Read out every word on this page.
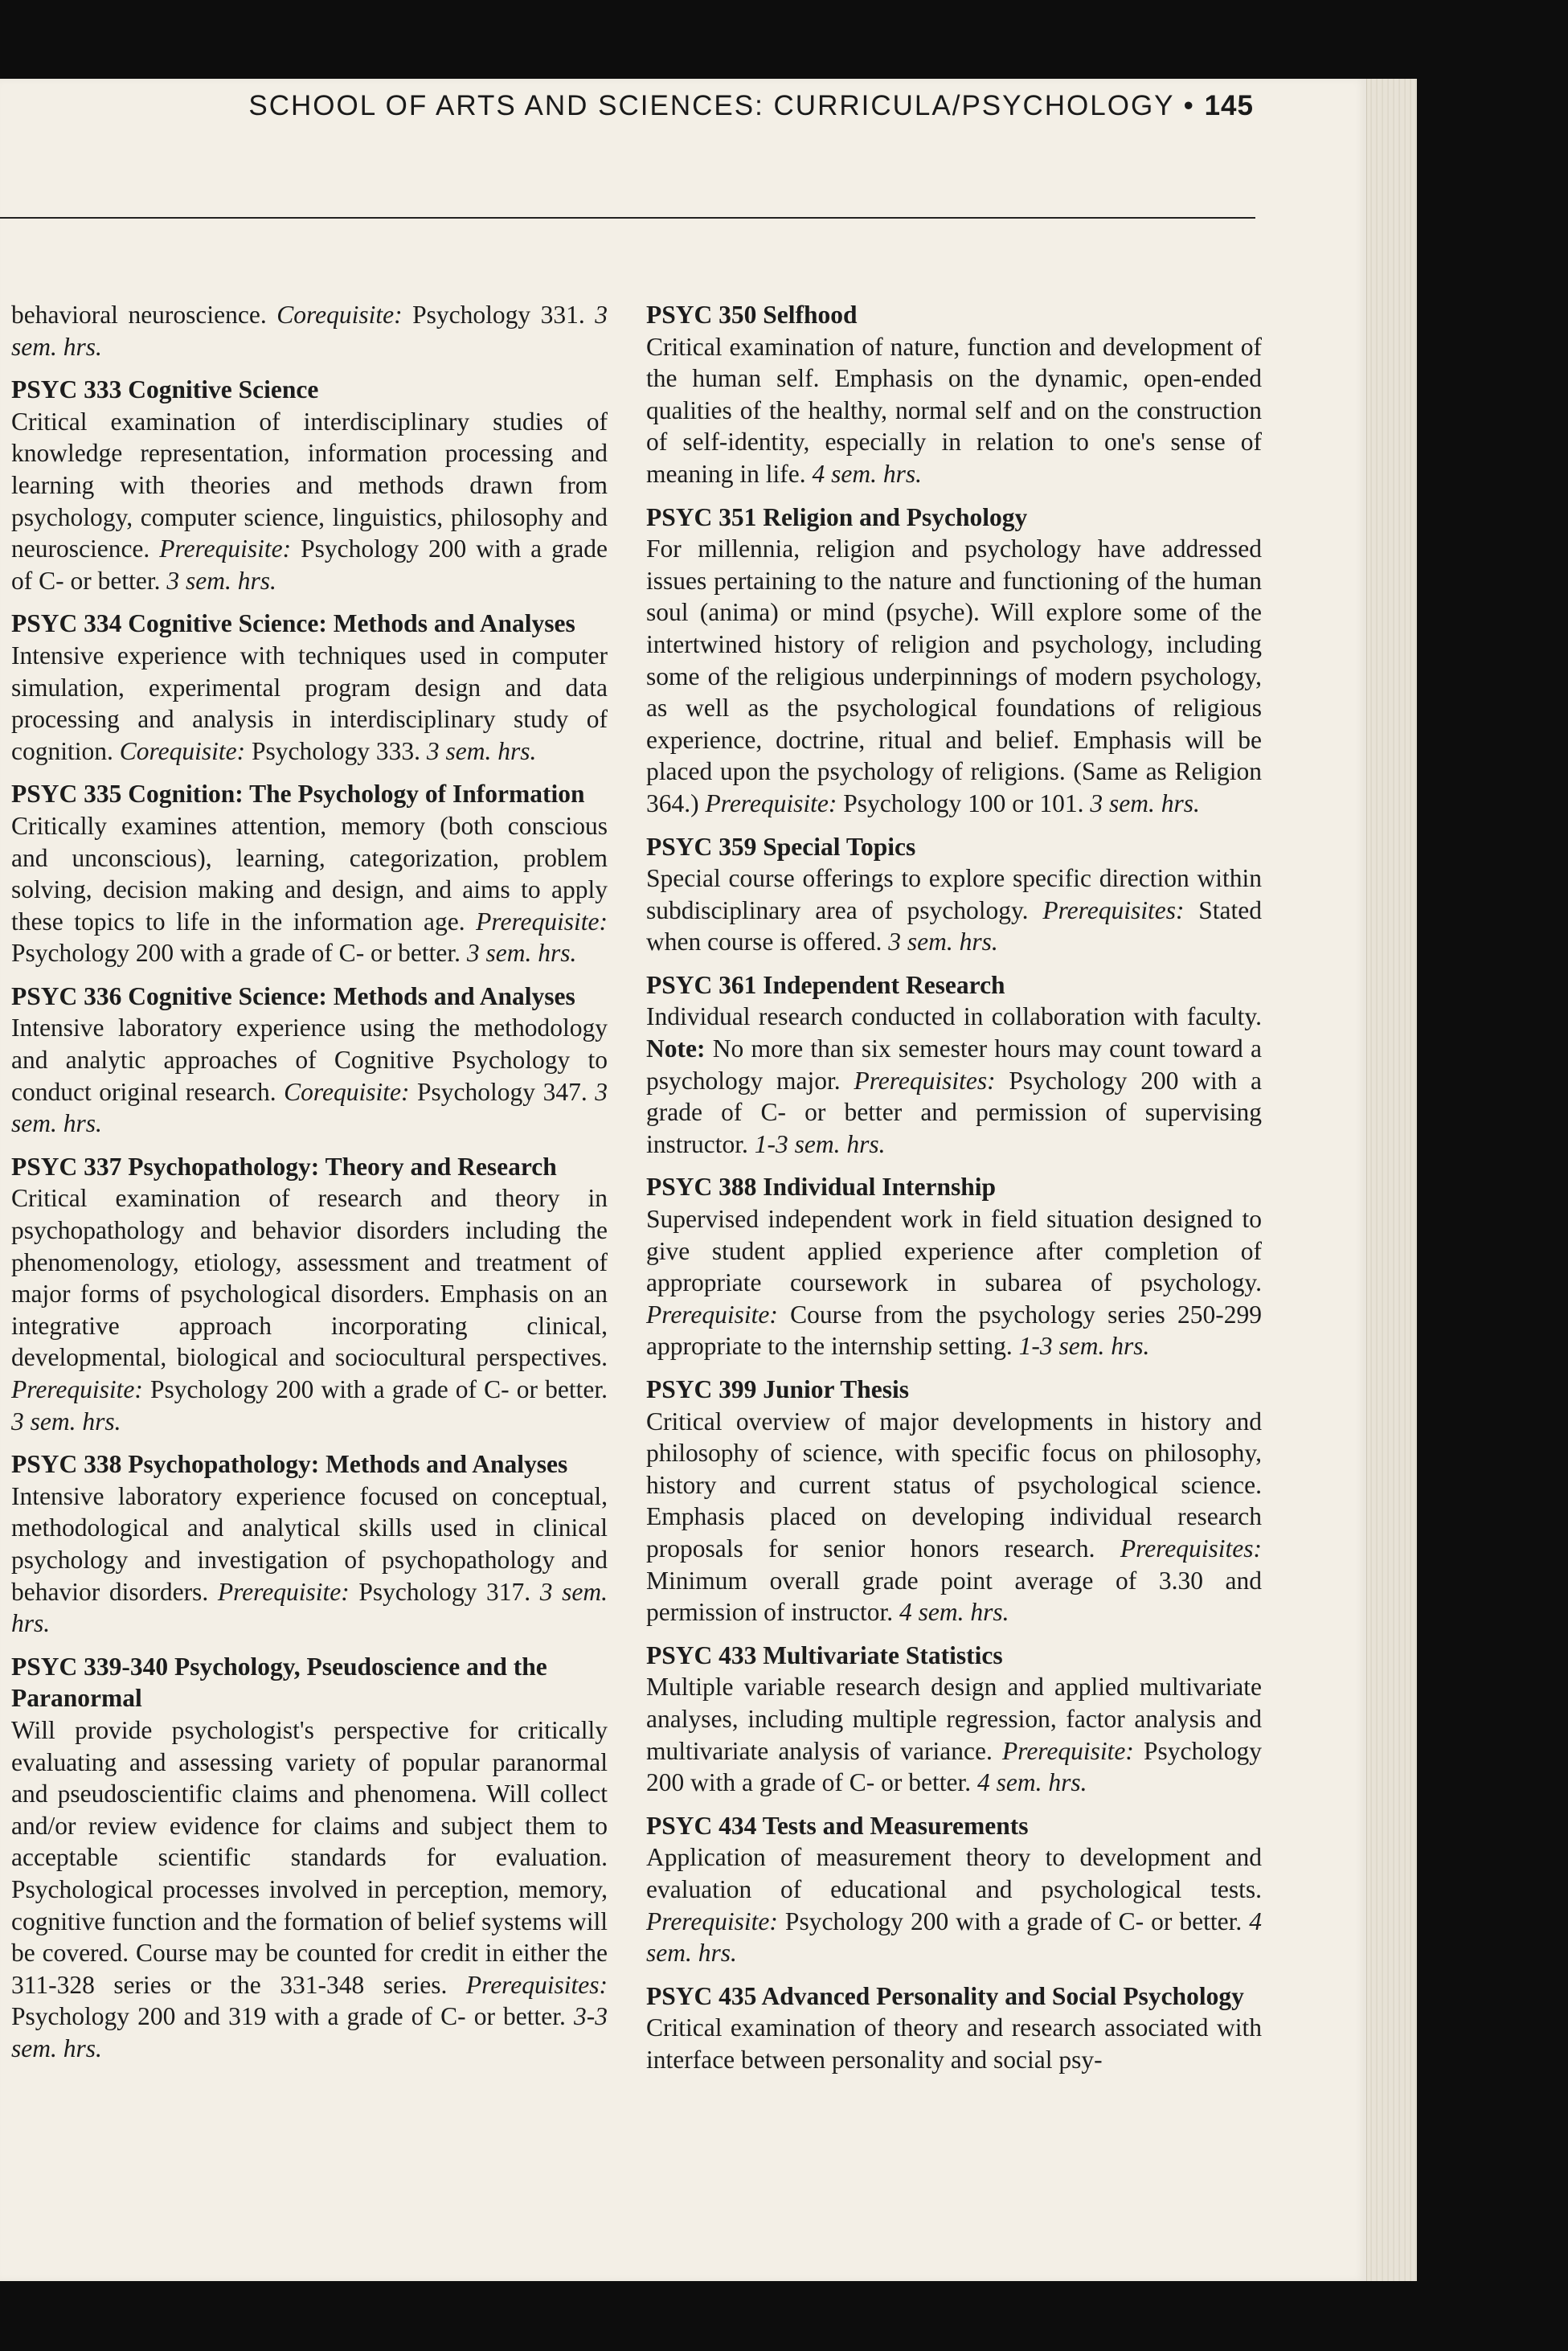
SCHOOL OF ARTS AND SCIENCES: CURRICULA/PSYCHOLOGY • 145
behavioral neuroscience. Corequisite: Psychology 331. 3 sem. hrs.
PSYC 333 Cognitive Science
Critical examination of interdisciplinary studies of knowledge representation, information processing and learning with theories and methods drawn from psychology, computer science, linguistics, philosophy and neuroscience. Prerequisite: Psychology 200 with a grade of C- or better. 3 sem. hrs.
PSYC 334 Cognitive Science: Methods and Analyses
Intensive experience with techniques used in computer simulation, experimental program design and data processing and analysis in interdisciplinary study of cognition. Corequisite: Psychology 333. 3 sem. hrs.
PSYC 335 Cognition: The Psychology of Information
Critically examines attention, memory (both conscious and unconscious), learning, categorization, problem solving, decision making and design, and aims to apply these topics to life in the information age. Prerequisite: Psychology 200 with a grade of C- or better. 3 sem. hrs.
PSYC 336 Cognitive Science: Methods and Analyses
Intensive laboratory experience using the methodology and analytic approaches of Cognitive Psychology to conduct original research. Corequisite: Psychology 347. 3 sem. hrs.
PSYC 337 Psychopathology: Theory and Research
Critical examination of research and theory in psychopathology and behavior disorders including the phenomenology, etiology, assessment and treatment of major forms of psychological disorders. Emphasis on an integrative approach incorporating clinical, developmental, biological and sociocultural perspectives. Prerequisite: Psychology 200 with a grade of C- or better. 3 sem. hrs.
PSYC 338 Psychopathology: Methods and Analyses
Intensive laboratory experience focused on conceptual, methodological and analytical skills used in clinical psychology and investigation of psychopathology and behavior disorders. Prerequisite: Psychology 317. 3 sem. hrs.
PSYC 339-340 Psychology, Pseudoscience and the Paranormal
Will provide psychologist's perspective for critically evaluating and assessing variety of popular paranormal and pseudoscientific claims and phenomena. Will collect and/or review evidence for claims and subject them to acceptable scientific standards for evaluation. Psychological processes involved in perception, memory, cognitive function and the formation of belief systems will be covered. Course may be counted for credit in either the 311-328 series or the 331-348 series. Prerequisites: Psychology 200 and 319 with a grade of C- or better. 3-3 sem. hrs.
PSYC 350 Selfhood
Critical examination of nature, function and development of the human self. Emphasis on the dynamic, open-ended qualities of the healthy, normal self and on the construction of self-identity, especially in relation to one's sense of meaning in life. 4 sem. hrs.
PSYC 351 Religion and Psychology
For millennia, religion and psychology have addressed issues pertaining to the nature and functioning of the human soul (anima) or mind (psyche). Will explore some of the intertwined history of religion and psychology, including some of the religious underpinnings of modern psychology, as well as the psychological foundations of religious experience, doctrine, ritual and belief. Emphasis will be placed upon the psychology of religions. (Same as Religion 364.) Prerequisite: Psychology 100 or 101. 3 sem. hrs.
PSYC 359 Special Topics
Special course offerings to explore specific direction within subdisciplinary area of psychology. Prerequisites: Stated when course is offered. 3 sem. hrs.
PSYC 361 Independent Research
Individual research conducted in collaboration with faculty. Note: No more than six semester hours may count toward a psychology major. Prerequisites: Psychology 200 with a grade of C- or better and permission of supervising instructor. 1-3 sem. hrs.
PSYC 388 Individual Internship
Supervised independent work in field situation designed to give student applied experience after completion of appropriate coursework in subarea of psychology. Prerequisite: Course from the psychology series 250-299 appropriate to the internship setting. 1-3 sem. hrs.
PSYC 399 Junior Thesis
Critical overview of major developments in history and philosophy of science, with specific focus on philosophy, history and current status of psychological science. Emphasis placed on developing individual research proposals for senior honors research. Prerequisites: Minimum overall grade point average of 3.30 and permission of instructor. 4 sem. hrs.
PSYC 433 Multivariate Statistics
Multiple variable research design and applied multivariate analyses, including multiple regression, factor analysis and multivariate analysis of variance. Prerequisite: Psychology 200 with a grade of C- or better. 4 sem. hrs.
PSYC 434 Tests and Measurements
Application of measurement theory to development and evaluation of educational and psychological tests. Prerequisite: Psychology 200 with a grade of C- or better. 4 sem. hrs.
PSYC 435 Advanced Personality and Social Psychology
Critical examination of theory and research associated with interface between personality and social psy-
